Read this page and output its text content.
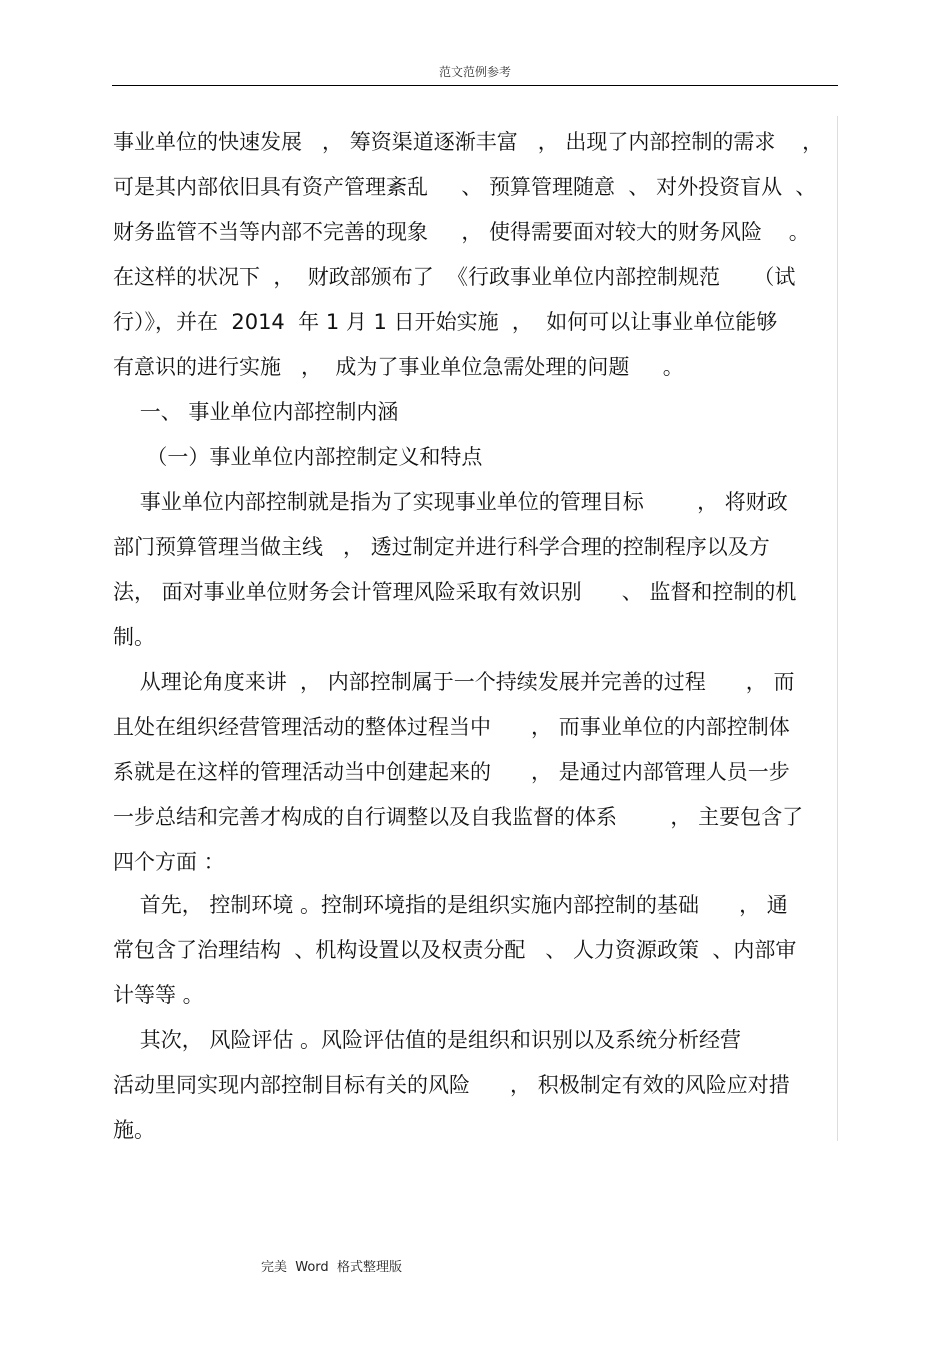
范文范例参考
事业单位的快速发展   ， 筹资渠道逐渐丰富   ， 出现了内部控制的需求    ，
可是其内部依旧具有资产管理紊乱     、 预算管理随意  、 对外投资盲从  、
财务监管不当等内部不完善的现象     ， 使得需要面对较大的财务风险    。
在这样的状况下  ，  财政部颁布了  《行政事业单位内部控制规范     （试
行）》，并在  2014  年 1 月 1 日开始实施  ，  如何可以让事业单位能够
有意识的进行实施   ，  成为了事业单位急需处理的问题     。
一、 事业单位内部控制内涵
（一）事业单位内部控制定义和特点
事业单位内部控制就是指为了实现事业单位的管理目标        ， 将财政
部门预算管理当做主线   ， 透过制定并进行科学合理的控制程序以及方
法， 面对事业单位财务会计管理风险采取有效识别      、 监督和控制的机
制。
从理论角度来讲  ， 内部控制属于一个持续发展并完善的过程      ， 而
且处在组织经营管理活动的整体过程当中      ， 而事业单位的内部控制体
系就是在这样的管理活动当中创建起来的      ， 是通过内部管理人员一步
一步总结和完善才构成的自行调整以及自我监督的体系        ， 主要包含了
四个方面 ：
首先， 控制环境 。控制环境指的是组织实施内部控制的基础      ， 通
常包含了治理结构  、机构设置以及权责分配   、 人力资源政策  、内部审
计等等 。
其次， 风险评估 。风险评估值的是组织和识别以及系统分析经营
活动里同实现内部控制目标有关的风险      ， 积极制定有效的风险应对措
施。
完美  Word  格式整理版
